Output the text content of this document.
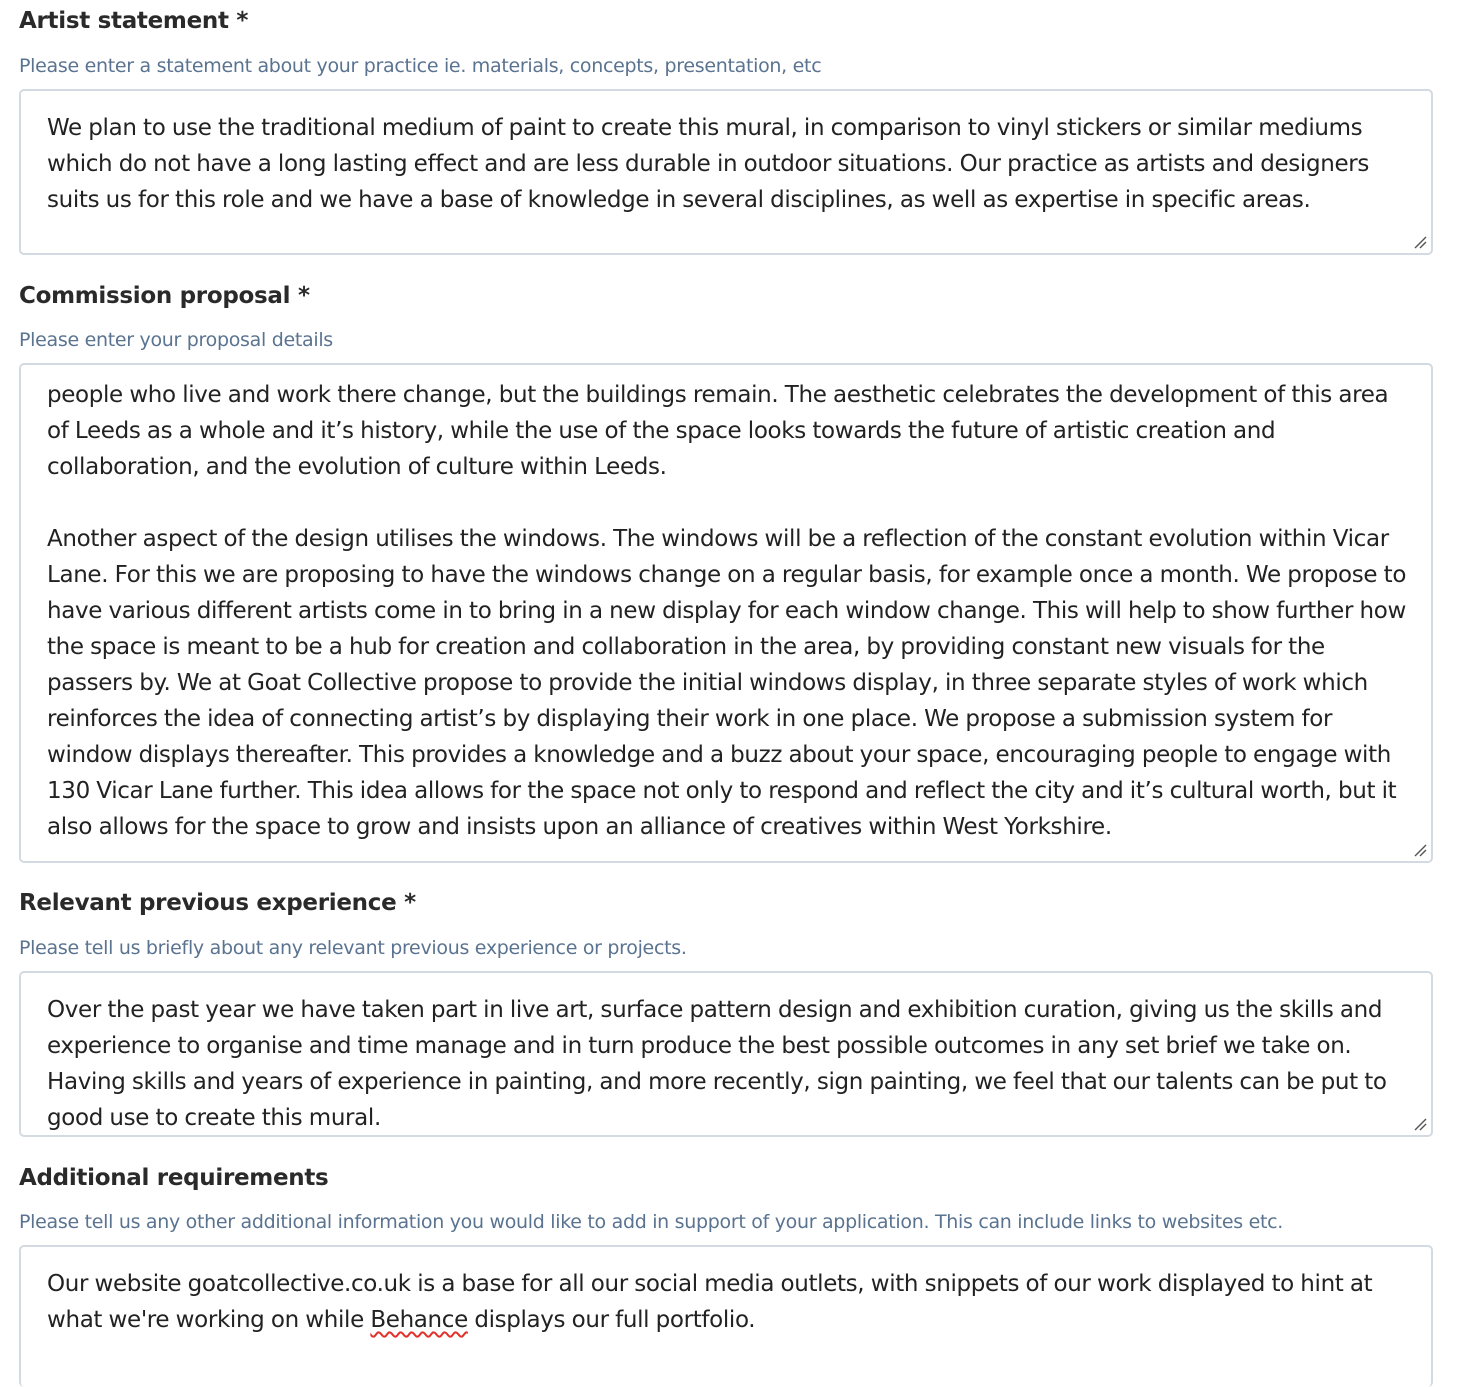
Artist statement *
Please enter a statement about your practice ie. materials, concepts, presentation, etc
We plan to use the traditional medium of paint to create this mural, in comparison to vinyl stickers or similar mediums which do not have a long lasting effect and are less durable in outdoor situations. Our practice as artists and designers suits us for this role and we have a base of knowledge in several disciplines, as well as expertise in specific areas.
Commission proposal *
Please enter your proposal details
people who live and work there change, but the buildings remain. The aesthetic celebrates the development of this area of Leeds as a whole and it’s history, while the use of the space looks towards the future of artistic creation and collaboration, and the evolution of culture within Leeds.
Another aspect of the design utilises the windows. The windows will be a reflection of the constant evolution within Vicar Lane. For this we are proposing to have the windows change on a regular basis, for example once a month. We propose to have various different artists come in to bring in a new display for each window change. This will help to show further how the space is meant to be a hub for creation and collaboration in the area, by providing constant new visuals for the passers by. We at Goat Collective propose to provide the initial windows display, in three separate styles of work which reinforces the idea of connecting artist’s by displaying their work in one place. We propose a submission system for window displays thereafter. This provides a knowledge and a buzz about your space, encouraging people to engage with 130 Vicar Lane further. This idea allows for the space not only to respond and reflect the city and it’s cultural worth, but it also allows for the space to grow and insists upon an alliance of creatives within West Yorkshire.
Relevant previous experience *
Please tell us briefly about any relevant previous experience or projects.
Over the past year we have taken part in live art, surface pattern design and exhibition curation, giving us the skills and experience to organise and time manage and in turn produce the best possible outcomes in any set brief we take on. Having skills and years of experience in painting, and more recently, sign painting, we feel that our talents can be put to good use to create this mural.
Additional requirements
Please tell us any other additional information you would like to add in support of your application. This can include links to websites etc.
Our website goatcollective.co.uk is a base for all our social media outlets, with snippets of our work displayed to hint at what we're working on while Behance displays our full portfolio.
